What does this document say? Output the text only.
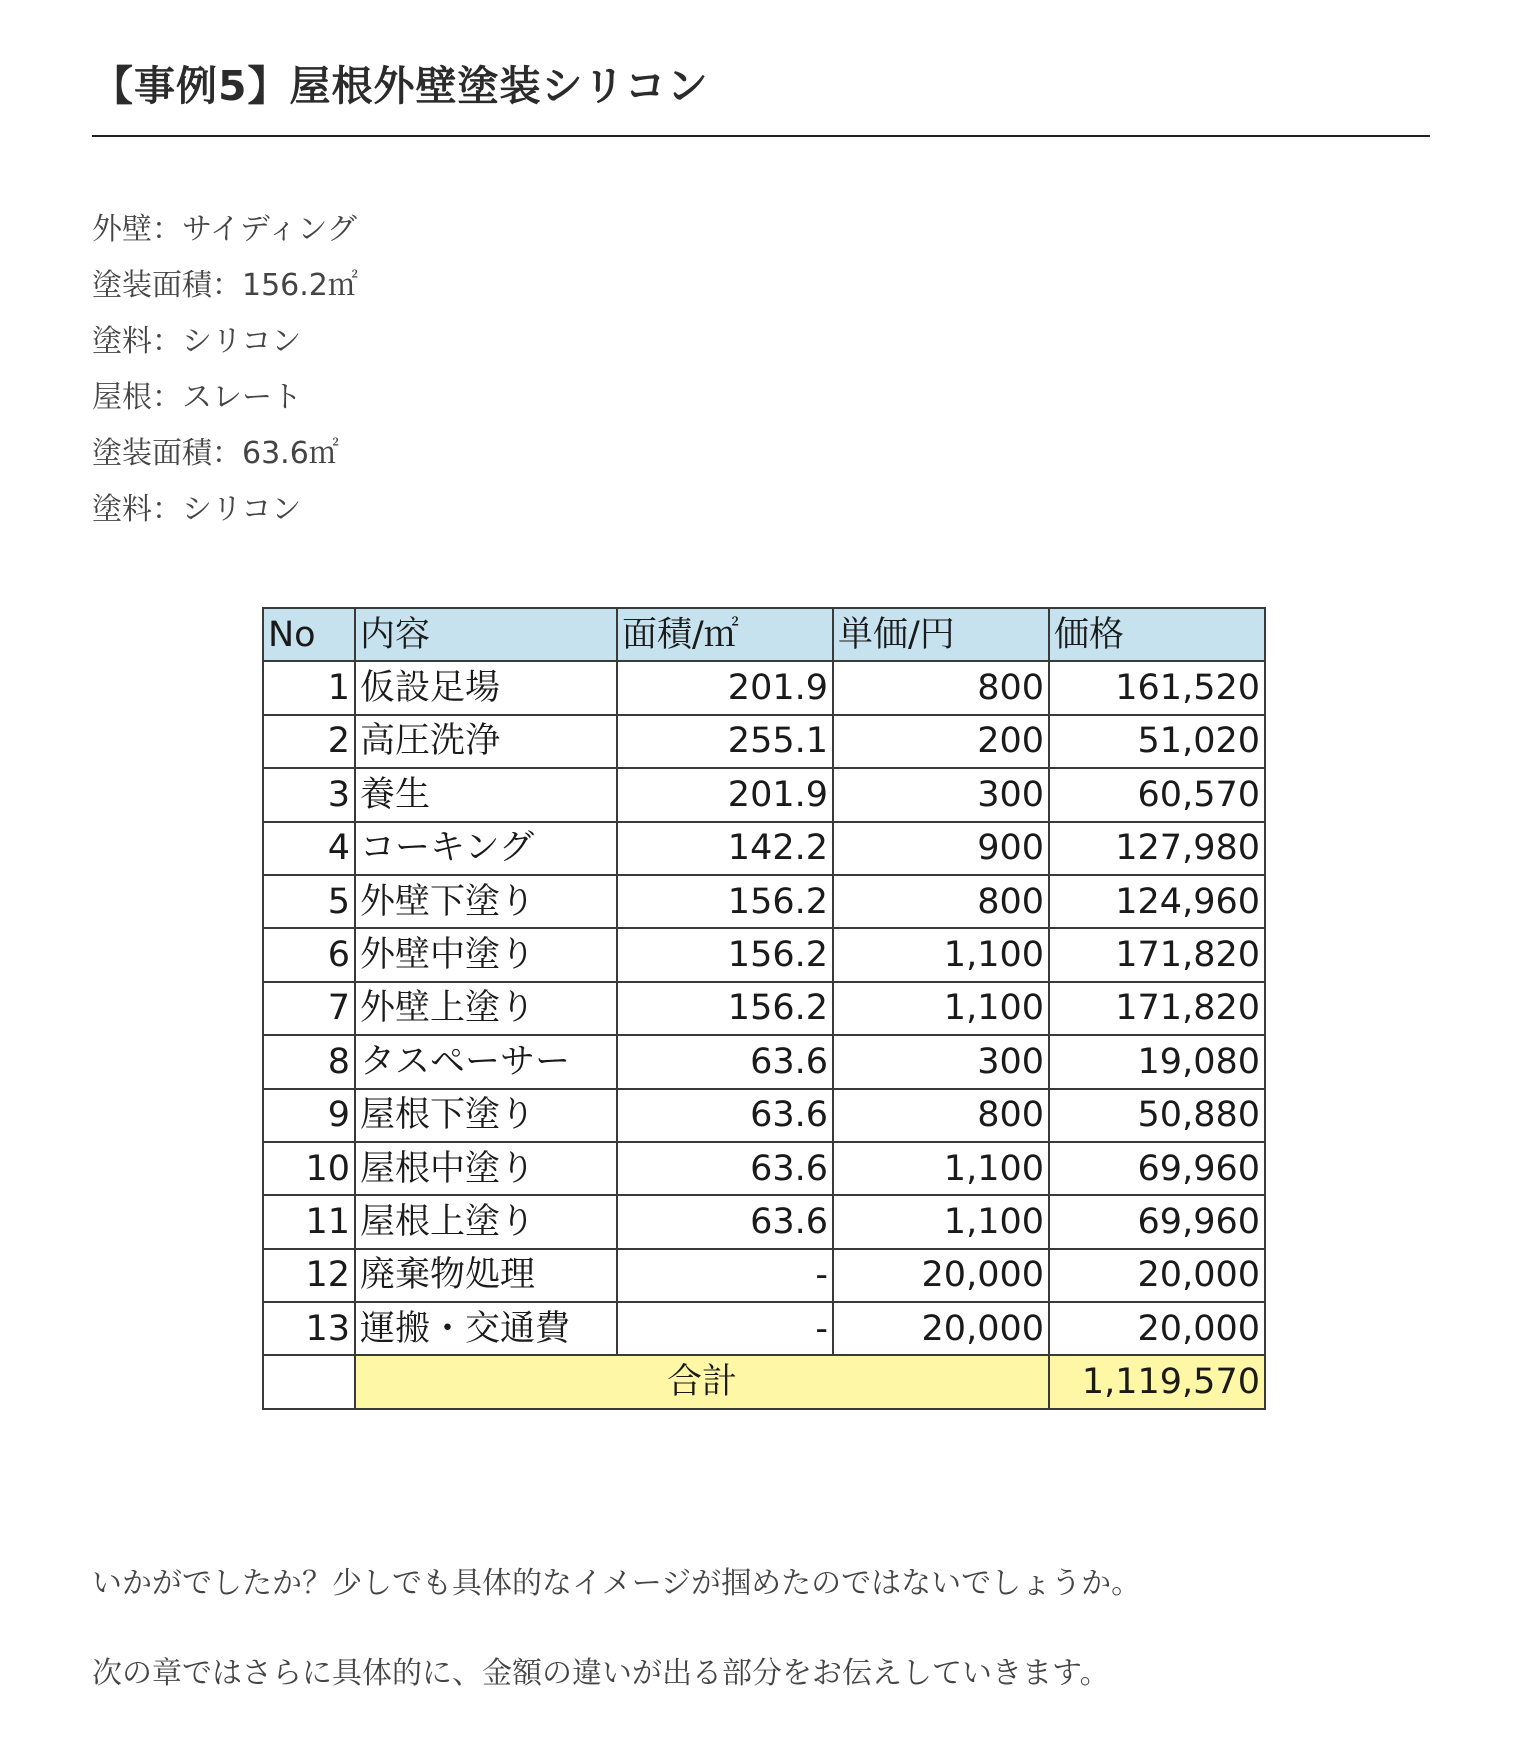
【事例5】屋根外壁塗装シリコン
外壁：サイディング
塗装面積：156.2㎡
塗料：シリコン
屋根：スレート
塗装面積：63.6㎡
塗料：シリコン
No	内容	面積/㎡	単価/円	価格
1	仮設足場	201.9	800	161,520
2	高圧洗浄	255.1	200	51,020
3	養生	201.9	300	60,570
4	コーキング	142.2	900	127,980
5	外壁下塗り	156.2	800	124,960
6	外壁中塗り	156.2	1,100	171,820
7	外壁上塗り	156.2	1,100	171,820
8	タスペーサー	63.6	300	19,080
9	屋根下塗り	63.6	800	50,880
10	屋根中塗り	63.6	1,100	69,960
11	屋根上塗り	63.6	1,100	69,960
12	廃棄物処理	-	20,000	20,000
13	運搬・交通費	-	20,000	20,000
	合計			1,119,570

いかがでしたか？少しでも具体的なイメージが掴めたのではないでしょうか。

次の章ではさらに具体的に、金額の違いが出る部分をお伝えしていきます。
